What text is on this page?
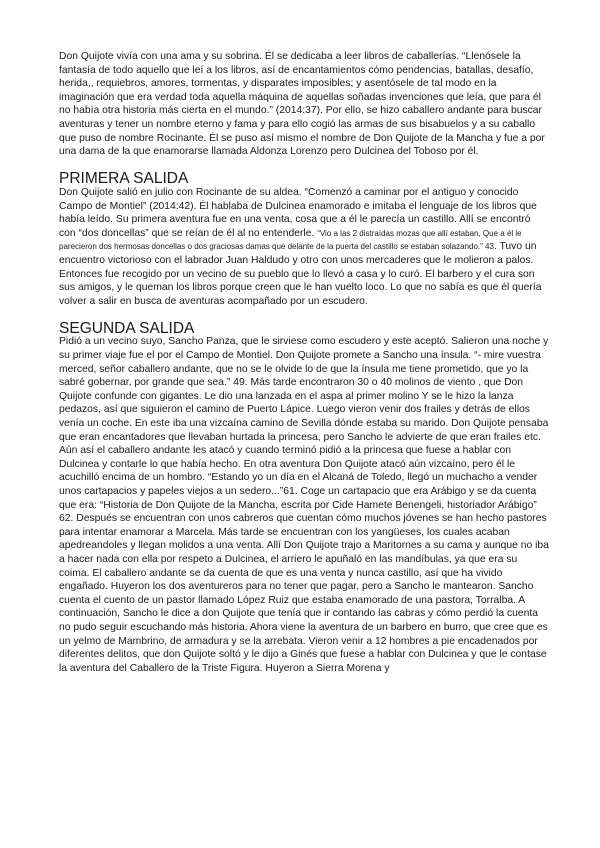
Don Quijote vivía con una ama y su sobrina. Él se dedicaba a leer libros de caballerías. “Llenósele la fantasía de todo aquello que leí a los libros, así de encantamientos cómo pendencias, batallas, desafío, herida,, requiebros, amores, tormentas, y disparates imposibles; y asentósele de tal modo en la imaginación que era verdad toda aquella máquina de aquellas soñadas invenciones que leía, que para él no había otra historia más cierta en el mundo.” (2014:37). Por ello, se hizo caballero andante para buscar aventuras y tener un nombre eterno y fama y para ello cogió las armas de sus bisabuelos y a su caballo que puso de nombre Rocinante. Él se puso así mismo el nombre de Don Quijote de la Mancha y fue a por una dama de la que enamorarse llamada Aldonza Lorenzo pero Dulcinea del Toboso por él.

PRIMERA SALIDA

Don Quijote salió en julio con Rocinante de su aldea. “Comenzó a caminar por el antiguo y conocido Campo de Montiel” (2014:42). Él hablaba de Dulcinea enamorado e imitaba el lenguaje de los libros que había leído. Su primera aventura fue en una venta, cosa que a él le parecía un castillo. Allí se encontró con “dos doncellas” que se reían de él al no entenderle. “Vio a las 2 distraídas mozas que allí estaban, Que a él le parecieron dos hermosas doncellas o dos graciosas damas que delante de la puerta del castillo se estaban solazando.” 43. Tuvo un encuentro victorioso con el labrador Juan Haldudo y otro con unos mercaderes que le molieron a palos. Entonces fue recogido por un vecino de su pueblo que lo llevó a casa y lo curó. El barbero y el cura son sus amigos, y le queman los libros porque creen que le han vuelto loco. Lo que no sabía es que él quería volver a salir en busca de aventuras acompañado por un escudero.

SEGUNDA SALIDA

Pidió a un vecino suyo, Sancho Panza, que le sirviese como escudero y este aceptó. Salieron una noche y su primer viaje fue el por el Campo de Montiel. Don Quijote promete a Sancho una ínsula. “- mire vuestra merced, señor caballero andante, que no se le olvide lo de que la ínsula me tiene prometido, que yo la sabré gobernar, por grande que sea.” 49. Más tarde encontraron 30 o 40 molinos de viento , que Don Quijote confunde con gigantes. Le dio una lanzada en el aspa al primer molino Y se le hizo la lanza pedazos, así que siguieron el camino de Puerto Lápice. Luego vieron venir dos frailes y detrás de ellos venía un coche. En este iba una vizcaína camino de Sevilla dónde estaba su marido. Don Quijote pensaba que eran encantadores que llevaban hurtada la princesa, pero Sancho le advierte de que eran frailes etc. Aún así el caballero andante les atacó y cuando terminó pidió a la princesa que fuese a hablar con Dulcinea y contarle lo que había hecho. En otra aventura Don Quijote atacó aún vizcaíno, pero él le acuchilló encima de un hombro. “Estando yo un día en el Alcaná de Toledo, llegó un muchacho a vender unos cartapacios y papeles viejos a un sedero...”61. Coge un cartapacio que era Arábigo y se da cuenta que era: “Historia de Don Quijote de la Mancha, escrita por Cide Hamete Benengeli, historiador Arábigo” 62. Después se encuentran con unos cabreros que cuentan cómo muchos jóvenes se han hecho pastores para intentar enamorar a Marcela. Más tarde se encuentran con los yangüeses, los cuales acaban apedreandoles y llegan molidos a una venta. Allí Don Quijote trajo a Maritornes a su cama y aunque no iba a hacer nada con ella por respeto a Dulcinea, el arriero le apuñaló en las mandíbulas, ya que era su coima. El caballero andante se da cuenta de que es una venta y nunca castillo, así que ha vivido engañado. Huyeron los dos aventureros para no tener que pagar, pero a Sancho le mantearon. Sancho cuenta el cuento de un pastor llamado López Ruiz que estaba enamorado de una pastora, Torralba. A continuación, Sancho le dice a don Quijote que tenía que ir contando las cabras y cómo perdió la cuenta no pudo seguir escuchando más historia. Ahora viene la aventura de un barbero en burro, que cree que es un yelmo de Mambrino, de armadura y se la arrebata. Vieron venir a 12 hombres a pie encadenados por diferentes delitos, que don Quijote soltó y le dijo a Ginés que fuese a hablar con Dulcinea y que le contase la aventura del Caballero de la Triste Figura. Huyeron a Sierra Morena y
